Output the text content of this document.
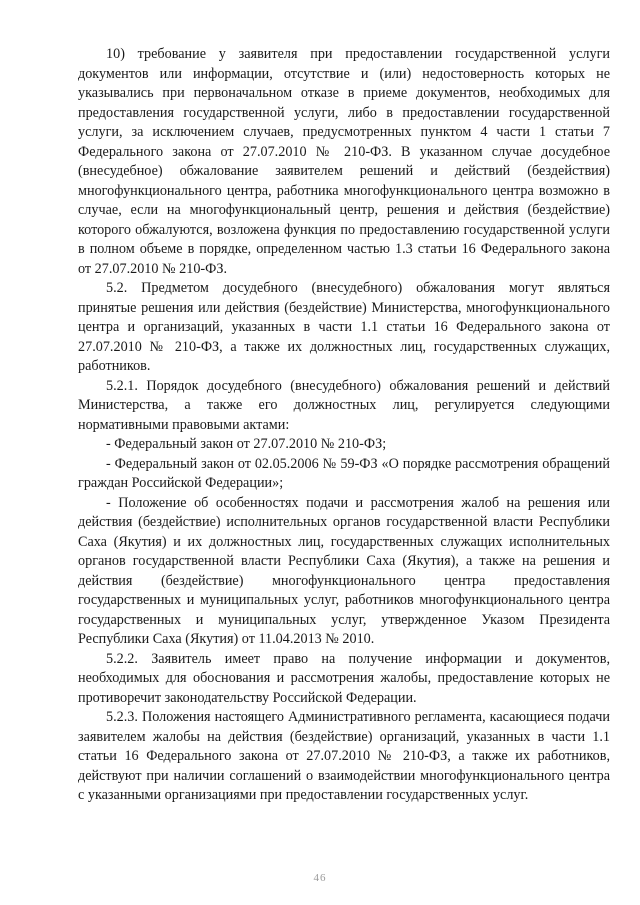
10) требование у заявителя при предоставлении государственной услуги документов или информации, отсутствие и (или) недостоверность которых не указывались при первоначальном отказе в приеме документов, необходимых для предоставления государственной услуги, либо в предоставлении государственной услуги, за исключением случаев, предусмотренных пунктом 4 части 1 статьи 7 Федерального закона от 27.07.2010 № 210-ФЗ. В указанном случае досудебное (внесудебное) обжалование заявителем решений и действий (бездействия) многофункционального центра, работника многофункционального центра возможно в случае, если на многофункциональный центр, решения и действия (бездействие) которого обжалуются, возложена функция по предоставлению государственной услуги в полном объеме в порядке, определенном частью 1.3 статьи 16 Федерального закона от 27.07.2010 № 210-ФЗ.

5.2. Предметом досудебного (внесудебного) обжалования могут являться принятые решения или действия (бездействие) Министерства, многофункционального центра и организаций, указанных в части 1.1 статьи 16 Федерального закона от 27.07.2010 № 210-ФЗ, а также их должностных лиц, государственных служащих, работников.

5.2.1. Порядок досудебного (внесудебного) обжалования решений и действий Министерства, а также его должностных лиц, регулируется следующими нормативными правовыми актами:

- Федеральный закон от 27.07.2010 № 210-ФЗ;

- Федеральный закон от 02.05.2006 № 59-ФЗ «О порядке рассмотрения обращений граждан Российской Федерации»;

- Положение об особенностях подачи и рассмотрения жалоб на решения или действия (бездействие) исполнительных органов государственной власти Республики Саха (Якутия) и их должностных лиц, государственных служащих исполнительных органов государственной власти Республики Саха (Якутия), а также на решения и действия (бездействие) многофункционального центра предоставления государственных и муниципальных услуг, работников многофункционального центра государственных и муниципальных услуг, утвержденное Указом Президента Республики Саха (Якутия) от 11.04.2013 № 2010.

5.2.2. Заявитель имеет право на получение информации и документов, необходимых для обоснования и рассмотрения жалобы, предоставление которых не противоречит законодательству Российской Федерации.

5.2.3. Положения настоящего Административного регламента, касающиеся подачи заявителем жалобы на действия (бездействие) организаций, указанных в части 1.1 статьи 16 Федерального закона от 27.07.2010 № 210-ФЗ, а также их работников, действуют при наличии соглашений о взаимодействии многофункционального центра с указанными организациями при предоставлении государственных услуг.

46
